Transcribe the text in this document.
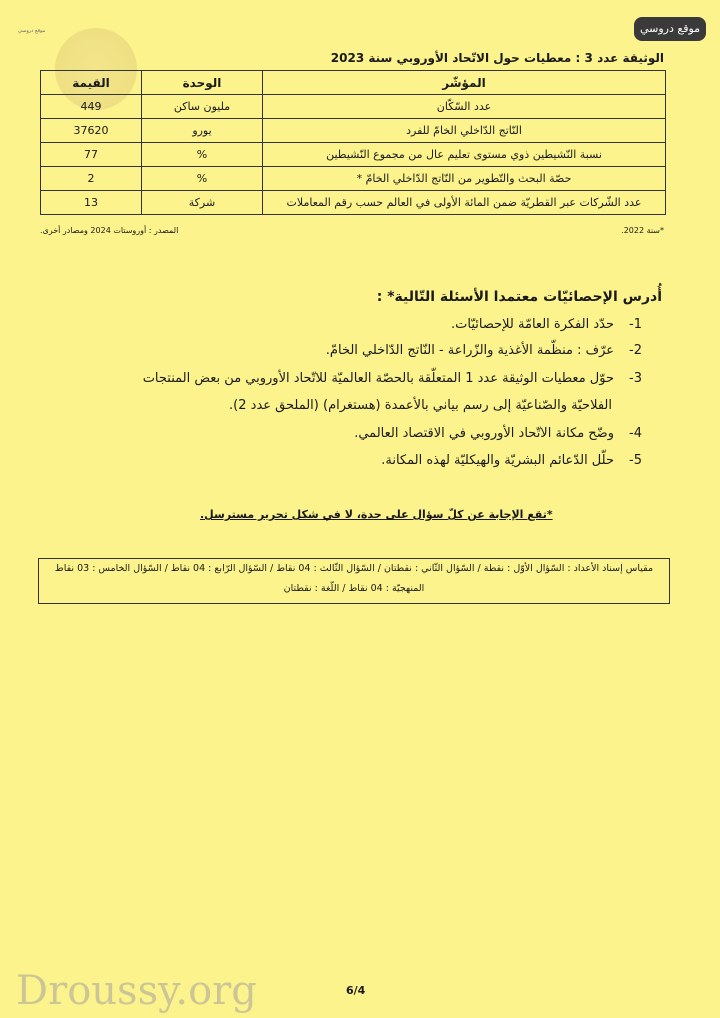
موقع دروسي	موقع دروسي
الوثيقة عدد 3 : معطيات حول الاتّحاد الأوروبي سنة 2023
المؤشّر	الوحدة	القيمة
عدد السّكّان	مليون ساكن	449
النّاتج الدّاخلي الخامّ للفرد	يورو	37620
نسبة النّشيطين ذوي مستوى تعليم عال من مجموع النّشيطين	%	77
حصّة البحث والتّطوير من النّاتج الدّاخلي الخامّ *	%	2
عدد الشّركات عبر القطريّة ضمن المائة الأولى في العالم حسب رقم المعاملات	شركة	13
*سنة 2022.
المصدر : أوروستات 2024 ومصادر أخرى.
أُدرس الإحصائيّات معتمدا الأسئلة التّالية* :
1-
حدّد الفكرة العامّة للإحصائيّات.
2-
عرّف : منظّمة الأغذية والزّراعة - النّاتج الدّاخلي الخامّ.
3-
حوّل معطيات الوثيقة عدد 1 المتعلّقة بالحصّة العالميّة للاتّحاد الأوروبي من بعض المنتجات
الفلاحيّة والصّناعيّة إلى رسم بياني بالأعمدة (هستغرام) (الملحق عدد 2).
4-
وضّح مكانة الاتّحاد الأوروبي في الاقتصاد العالمي.
5-
حلّل الدّعائم البشريّة والهيكليّة لهذه المكانة.
*تقع الإجابة عن كلّ سؤال على حدة، لا في شكل تحرير مسترسل.
مقياس إسناد الأعداد : السّؤال الأوّل : نقطة / السّؤال الثّاني : نقطتان / السّؤال الثّالث : 04 نقاط / السّؤال الرّابع : 04 نقاط / السّؤال الخامس : 03 نقاط
المنهجيّة : 04 نقاط / اللّغة : نقطتان
Droussy.org	6/4
